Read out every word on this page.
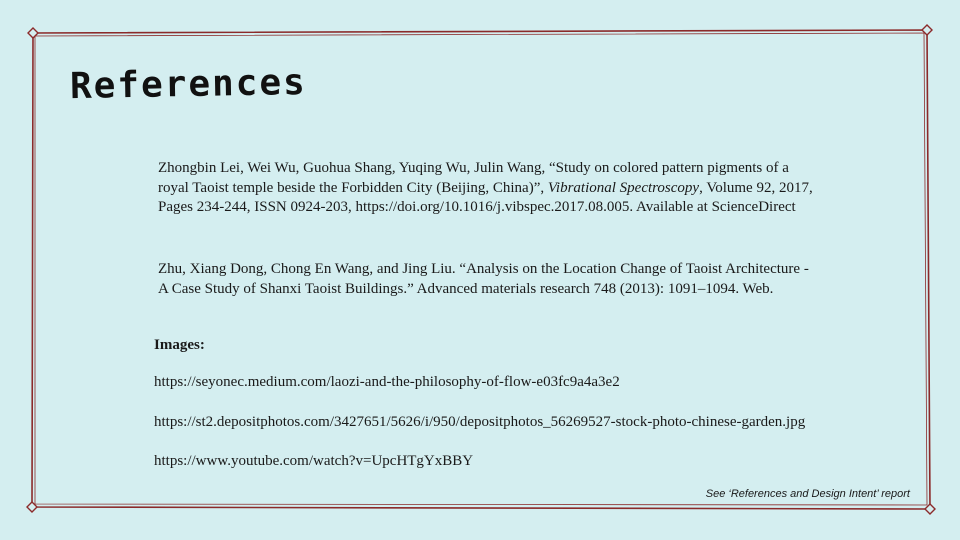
References
Zhongbin Lei, Wei Wu, Guohua Shang, Yuqing Wu, Julin Wang, “Study on colored pattern pigments of a royal Taoist temple beside the Forbidden City (Beijing, China)”, Vibrational Spectroscopy, Volume 92, 2017, Pages 234-244, ISSN 0924-203, https://doi.org/10.1016/j.vibspec.2017.08.005. Available at ScienceDirect
Zhu, Xiang Dong, Chong En Wang, and Jing Liu. “Analysis on the Location Change of Taoist Architecture - A Case Study of Shanxi Taoist Buildings.” Advanced materials research 748 (2013): 1091–1094. Web.
Images:
https://seyonec.medium.com/laozi-and-the-philosophy-of-flow-e03fc9a4a3e2
https://st2.depositphotos.com/3427651/5626/i/950/depositphotos_56269527-stock-photo-chinese-garden.jpg
https://www.youtube.com/watch?v=UpcHTgYxBBY
See ‘References and Design Intent’ report
